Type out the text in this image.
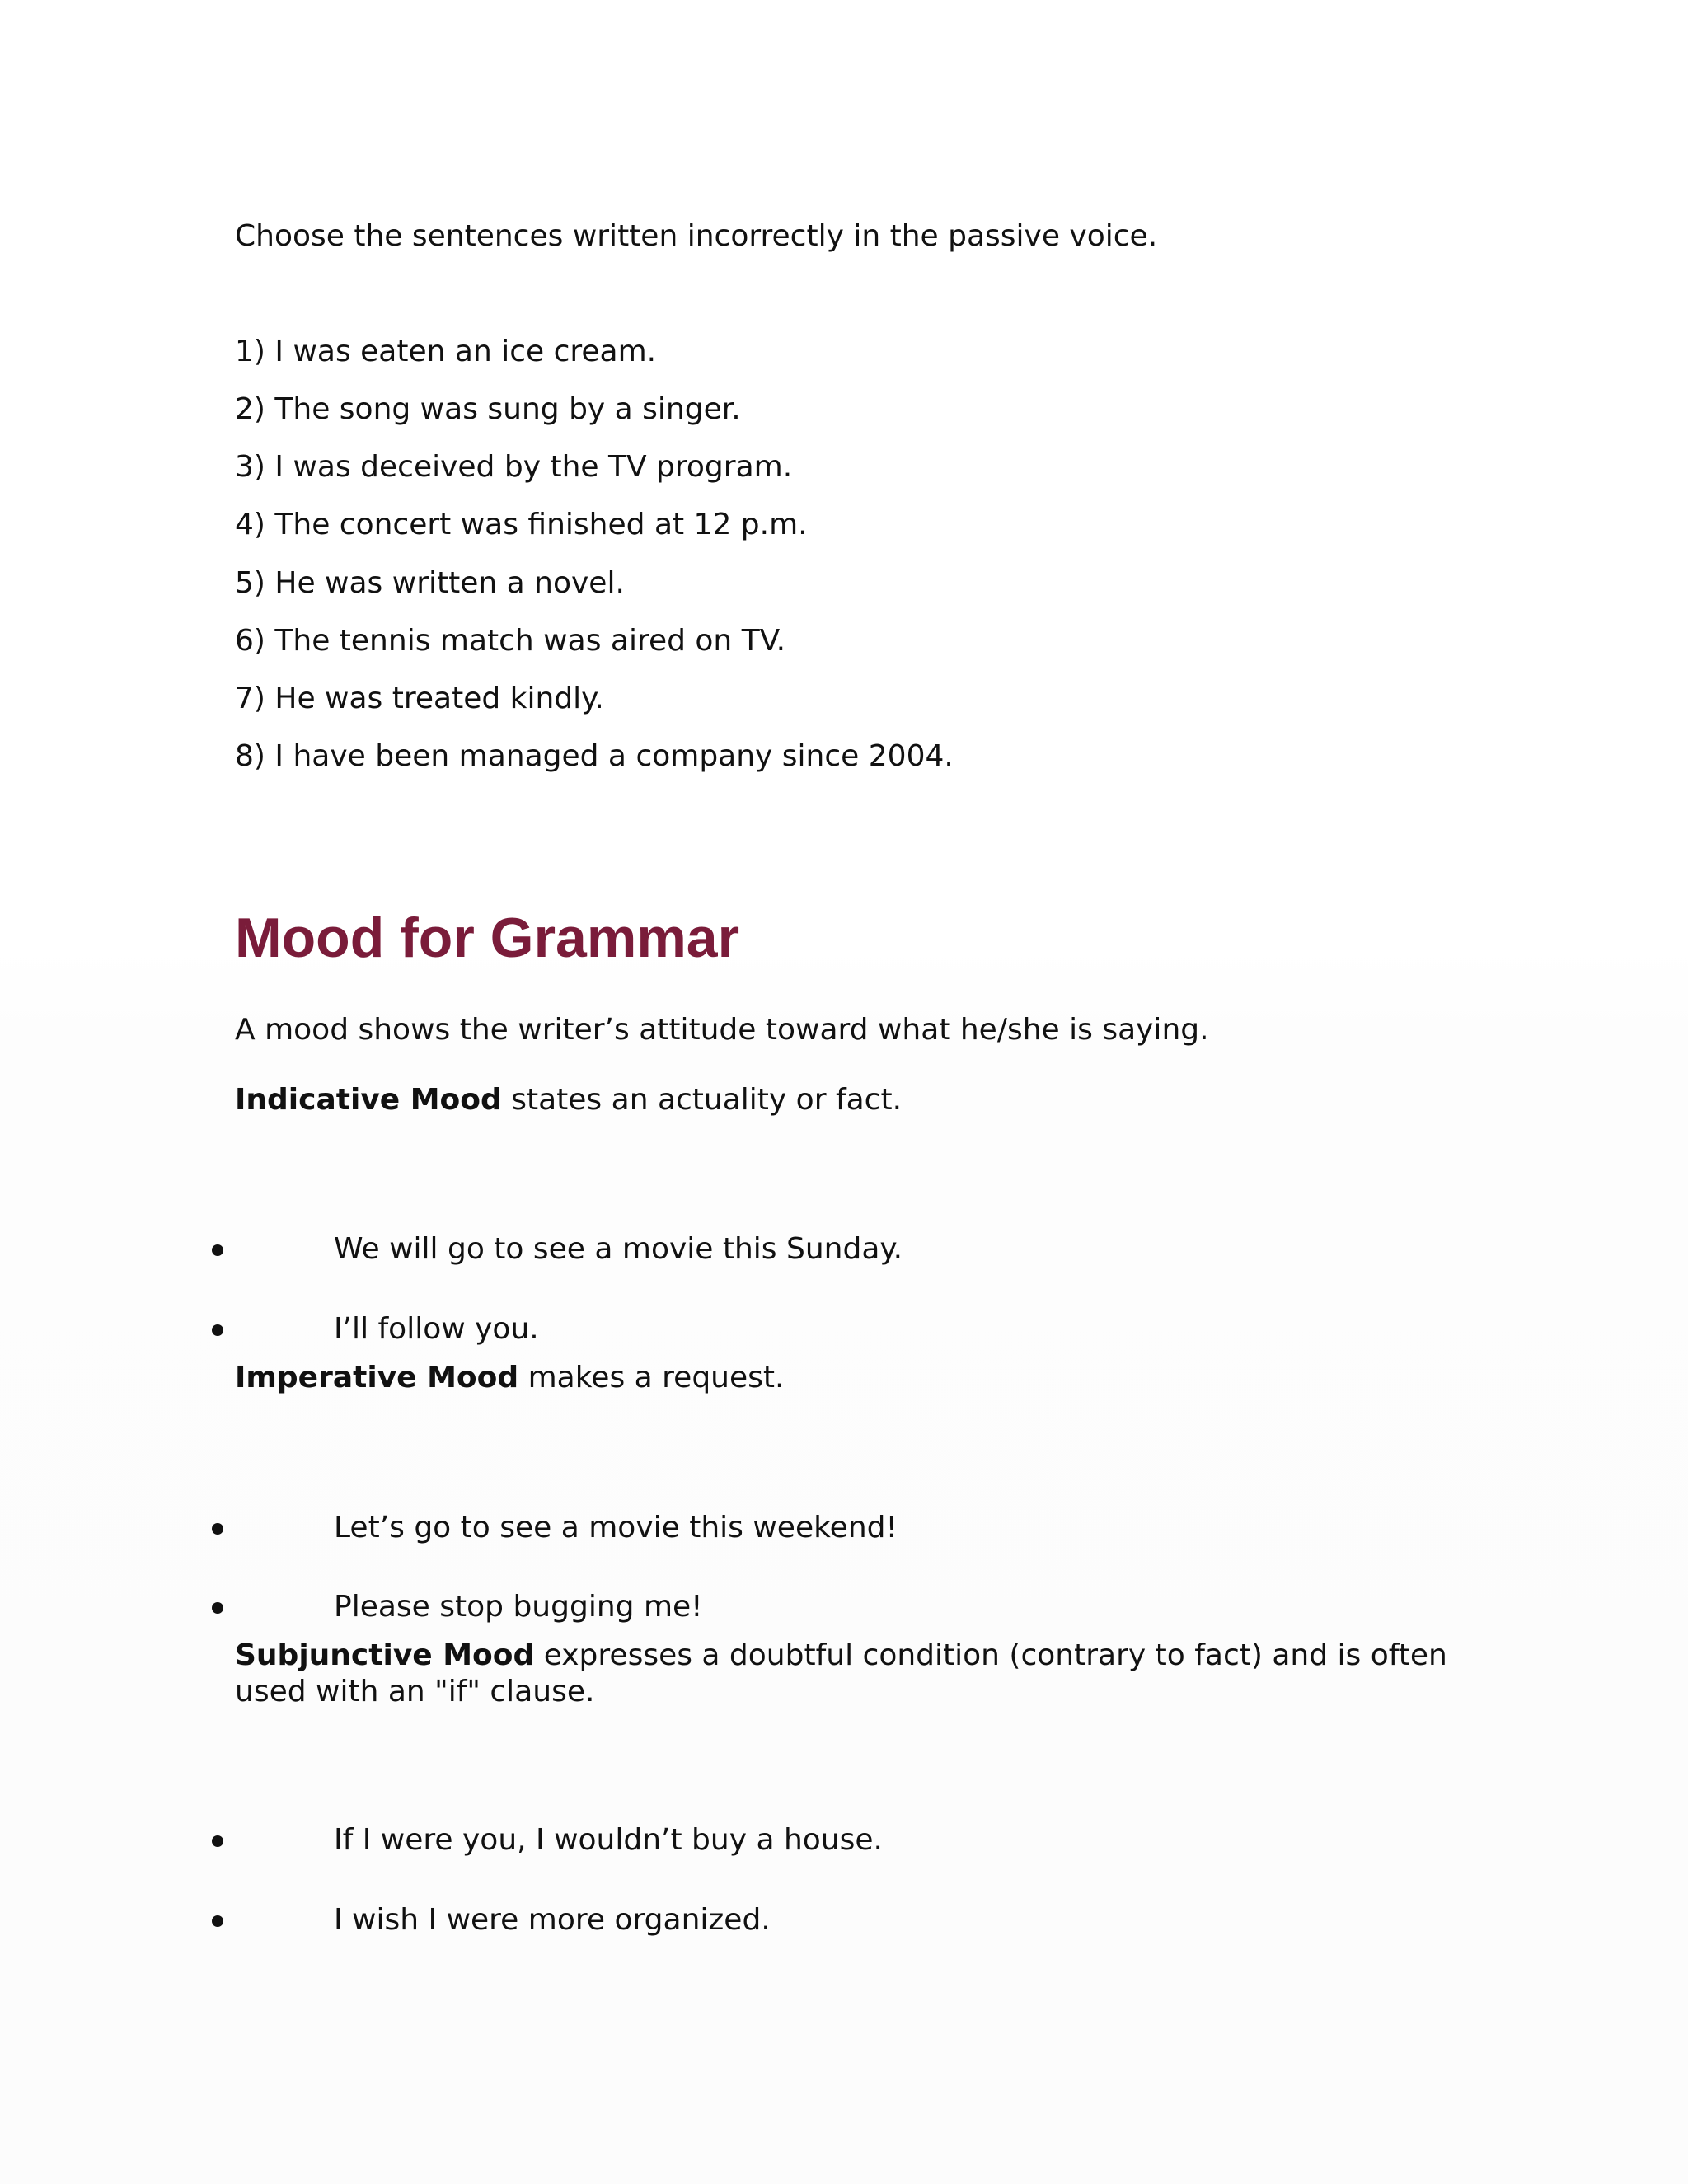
Choose the sentences written incorrectly in the passive voice.
1) I was eaten an ice cream.
2) The song was sung by a singer.
3) I was deceived by the TV program.
4) The concert was finished at 12 p.m.
5) He was written a novel.
6) The tennis match was aired on TV.
7) He was treated kindly.
8) I have been managed a company since 2004.
Mood for Grammar
A mood shows the writer’s attitude toward what he/she is saying.
Indicative Mood states an actuality or fact.
We will go to see a movie this Sunday.
I’ll follow you.
Imperative Mood makes a request.
Let’s go to see a movie this weekend!
Please stop bugging me!
Subjunctive Mood expresses a doubtful condition (contrary to fact) and is often used with an "if" clause.
If I were you, I wouldn’t buy a house.
I wish I were more organized.
